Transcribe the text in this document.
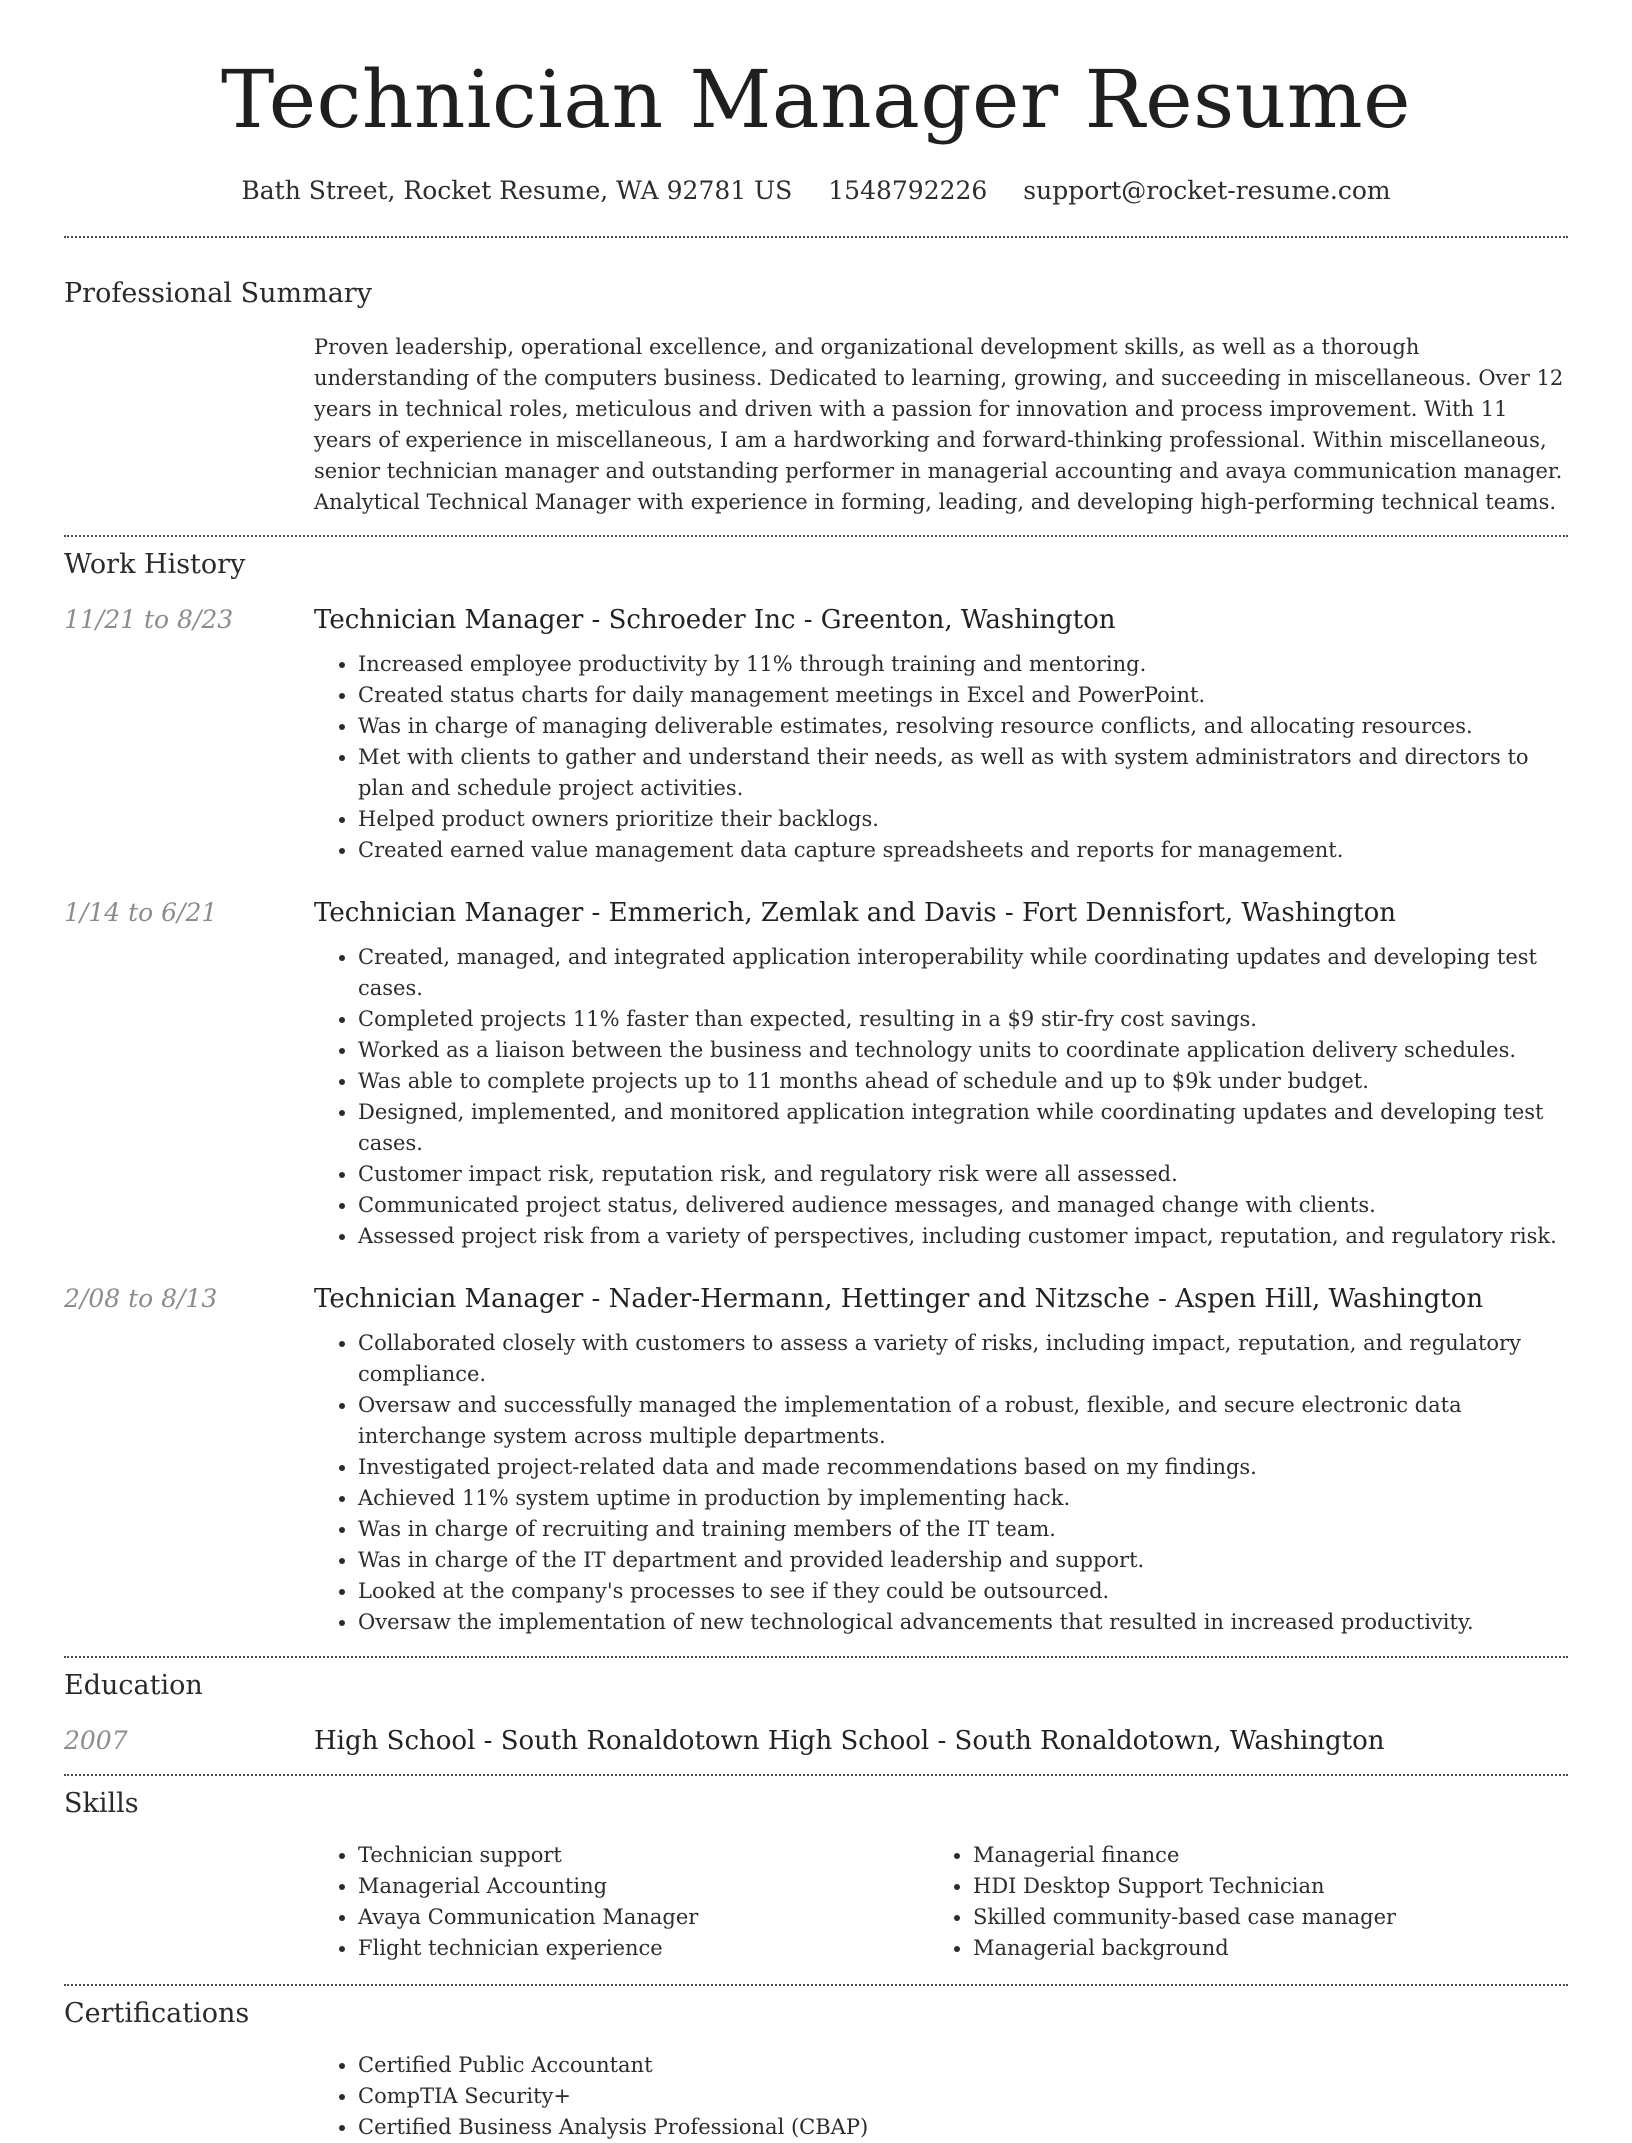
Technician Manager Resume
Bath Street, Rocket Resume, WA 92781 US 1548792226 support@rocket-resume.com
Professional Summary

Proven leadership, operational excellence, and organizational development skills, as well as a thorough understanding of the computers business. Dedicated to learning, growing, and succeeding in miscellaneous. Over 12 years in technical roles, meticulous and driven with a passion for innovation and process improvement. With 11 years of experience in miscellaneous, I am a hardworking and forward-thinking professional. Within miscellaneous, senior technician manager and outstanding performer in managerial accounting and avaya communication manager. Analytical Technical Manager with experience in forming, leading, and developing high-performing technical teams.

Work History
11/21 to 8/23	Technician Manager - Schroeder Inc - Greenton, Washington
• Increased employee productivity by 11% through training and mentoring.
• Created status charts for daily management meetings in Excel and PowerPoint.
• Was in charge of managing deliverable estimates, resolving resource conflicts, and allocating resources.
• Met with clients to gather and understand their needs, as well as with system administrators and directors to plan and schedule project activities.
• Helped product owners prioritize their backlogs.
• Created earned value management data capture spreadsheets and reports for management.
1/14 to 6/21	Technician Manager - Emmerich, Zemlak and Davis - Fort Dennisfort, Washington
• Created, managed, and integrated application interoperability while coordinating updates and developing test cases.
• Completed projects 11% faster than expected, resulting in a $9 stir-fry cost savings.
• Worked as a liaison between the business and technology units to coordinate application delivery schedules.
• Was able to complete projects up to 11 months ahead of schedule and up to $9k under budget.
• Designed, implemented, and monitored application integration while coordinating updates and developing test cases.
• Customer impact risk, reputation risk, and regulatory risk were all assessed.
• Communicated project status, delivered audience messages, and managed change with clients.
• Assessed project risk from a variety of perspectives, including customer impact, reputation, and regulatory risk.
2/08 to 8/13	Technician Manager - Nader-Hermann, Hettinger and Nitzsche - Aspen Hill, Washington
• Collaborated closely with customers to assess a variety of risks, including impact, reputation, and regulatory compliance.
• Oversaw and successfully managed the implementation of a robust, flexible, and secure electronic data interchange system across multiple departments.
• Investigated project-related data and made recommendations based on my findings.
• Achieved 11% system uptime in production by implementing hack.
• Was in charge of recruiting and training members of the IT team.
• Was in charge of the IT department and provided leadership and support.
• Looked at the company's processes to see if they could be outsourced.
• Oversaw the implementation of new technological advancements that resulted in increased productivity.
Education
2007	High School - South Ronaldotown High School - South Ronaldotown, Washington
Skills
• Technician support
• Managerial Accounting
• Avaya Communication Manager
• Flight technician experience
• Managerial finance
• HDI Desktop Support Technician
• Skilled community-based case manager
• Managerial background
Certifications
• Certified Public Accountant
• CompTIA Security+
• Certified Business Analysis Professional (CBAP)
